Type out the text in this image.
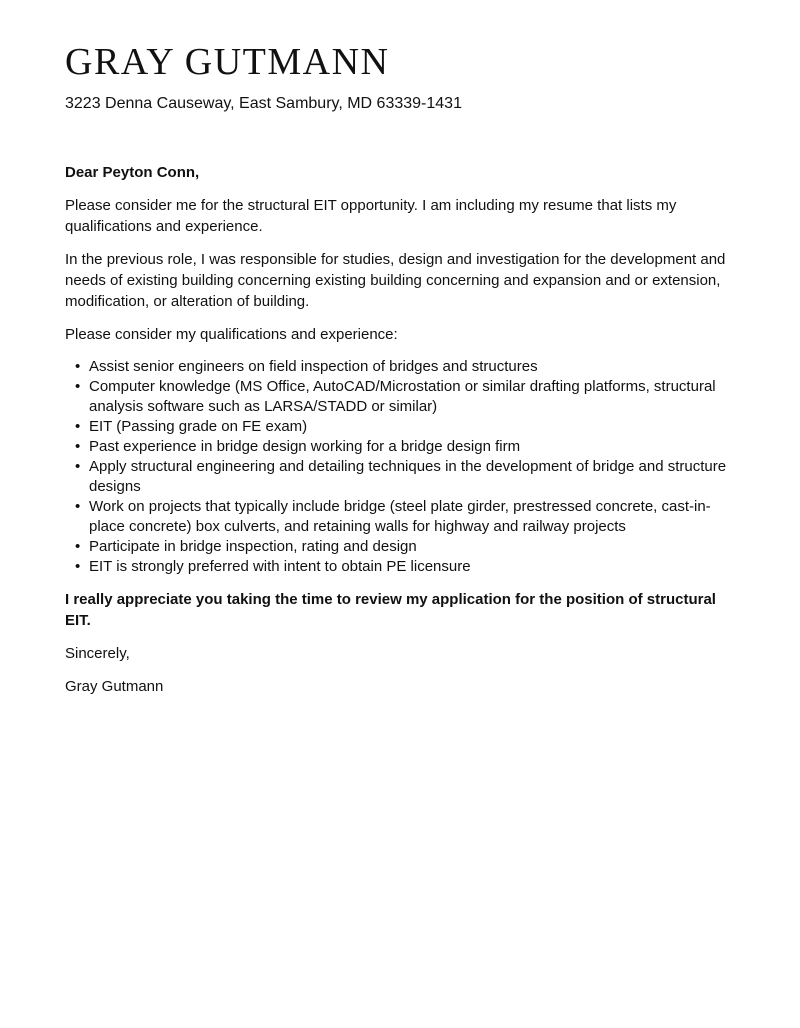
GRAY GUTMANN
3223 Denna Causeway, East Sambury, MD 63339-1431

Dear Peyton Conn,

Please consider me for the structural EIT opportunity. I am including my resume that lists my qualifications and experience.

In the previous role, I was responsible for studies, design and investigation for the development and needs of existing building concerning existing building concerning and expansion and or extension, modification, or alteration of building.

Please consider my qualifications and experience:

• Assist senior engineers on field inspection of bridges and structures
• Computer knowledge (MS Office, AutoCAD/Microstation or similar drafting platforms, structural analysis software such as LARSA/STADD or similar)
• EIT (Passing grade on FE exam)
• Past experience in bridge design working for a bridge design firm
• Apply structural engineering and detailing techniques in the development of bridge and structure designs
• Work on projects that typically include bridge (steel plate girder, prestressed concrete, cast-in-place concrete) box culverts, and retaining walls for highway and railway projects
• Participate in bridge inspection, rating and design
• EIT is strongly preferred with intent to obtain PE licensure

I really appreciate you taking the time to review my application for the position of structural EIT.

Sincerely,

Gray Gutmann
